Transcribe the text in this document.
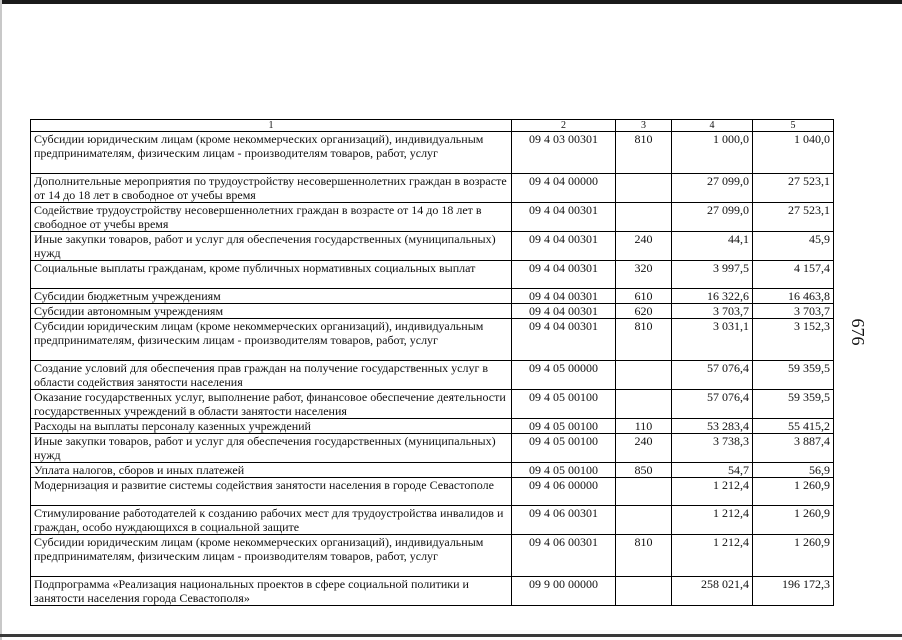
1	2	3	4	5
Субсидии юридическим лицам (кроме некоммерческих организаций), индивидуальным предпринимателям, физическим лицам - производителям товаров, работ, услуг	09 4 03 00301	810	1 000,0	1 040,0
Дополнительные мероприятия по трудоустройству несовершеннолетних граждан в возрасте от 14 до 18 лет в свободное от учебы время	09 4 04 00000		27 099,0	27 523,1
Содействие трудоустройству несовершеннолетних граждан в возрасте от 14 до 18 лет в свободное от учебы время	09 4 04 00301		27 099,0	27 523,1
Иные закупки товаров, работ и услуг для обеспечения государственных (муниципальных) нужд	09 4 04 00301	240	44,1	45,9
Социальные выплаты гражданам, кроме публичных нормативных социальных выплат	09 4 04 00301	320	3 997,5	4 157,4
Субсидии бюджетным учреждениям	09 4 04 00301	610	16 322,6	16 463,8
Субсидии автономным учреждениям	09 4 04 00301	620	3 703,7	3 703,7
Субсидии юридическим лицам (кроме некоммерческих организаций), индивидуальным предпринимателям, физическим лицам - производителям товаров, работ, услуг	09 4 04 00301	810	3 031,1	3 152,3
Создание условий для обеспечения прав граждан на получение государственных услуг в области содействия занятости населения	09 4 05 00000		57 076,4	59 359,5
Оказание государственных услуг, выполнение работ, финансовое обеспечение деятельности государственных учреждений в области занятости населения	09 4 05 00100		57 076,4	59 359,5
Расходы на выплаты персоналу казенных учреждений	09 4 05 00100	110	53 283,4	55 415,2
Иные закупки товаров, работ и услуг для обеспечения государственных (муниципальных) нужд	09 4 05 00100	240	3 738,3	3 887,4
Уплата налогов, сборов и иных платежей	09 4 05 00100	850	54,7	56,9
Модернизация и развитие системы содействия занятости населения в городе Севастополе	09 4 06 00000		1 212,4	1 260,9
Стимулирование работодателей к созданию рабочих мест для трудоустройства инвалидов и граждан, особо нуждающихся в социальной защите	09 4 06 00301		1 212,4	1 260,9
Субсидии юридическим лицам (кроме некоммерческих организаций), индивидуальным предпринимателям, физическим лицам - производителям товаров, работ, услуг	09 4 06 00301	810	1 212,4	1 260,9
Подпрограмма «Реализация национальных проектов в сфере социальной политики и занятости населения города Севастополя»	09 9 00 00000		258 021,4	196 172,3
676
